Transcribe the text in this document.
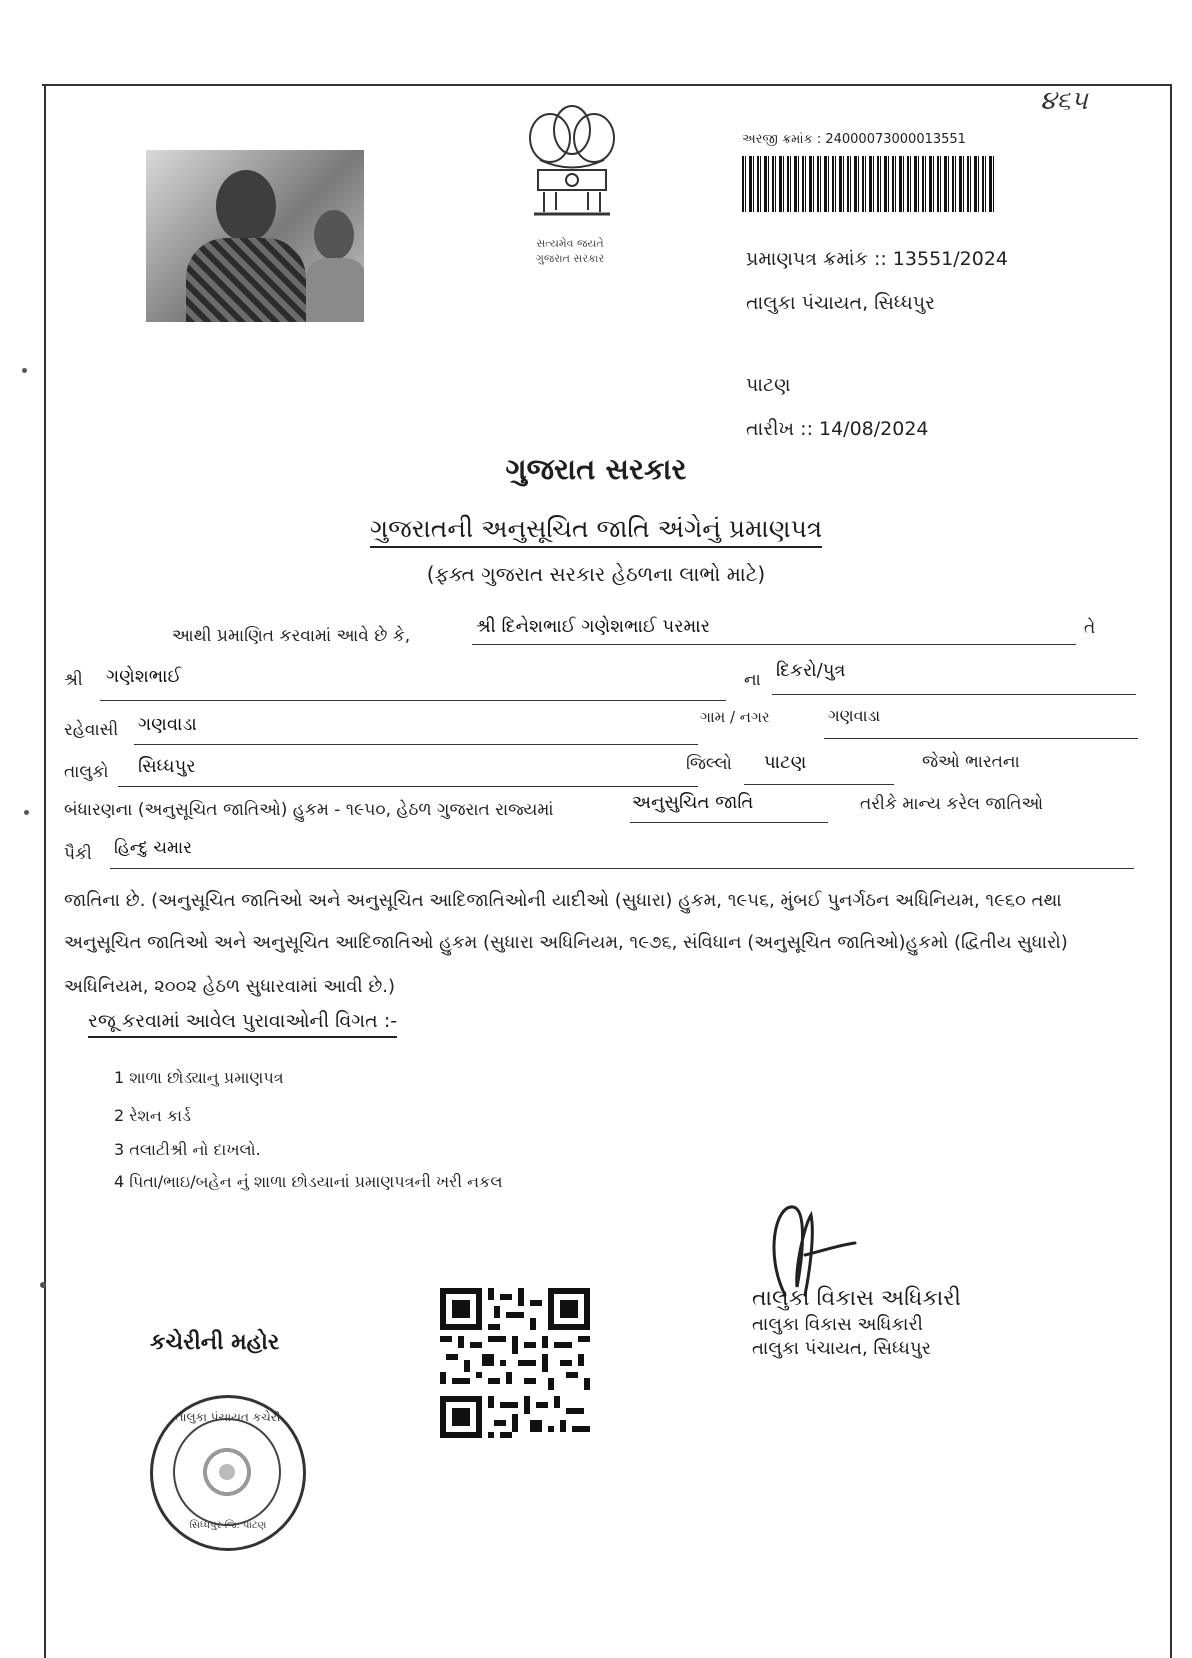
સત્યમેવ જયતે
ગુજરાત સરકાર
૪૬૫
અરજી ક્રમાંક : 24000073000013551
પ્રમાણપત્ર ક્રમાંક :: 13551/2024
તાલુકા પંચાયત, સિધ્ધપુર
પાટણ
તારીખ :: 14/08/2024
ગુજરાત સરકાર
ગુજરાતની અનુસૂચિત જાતિ અંગેનું પ્રમાણપત્ર
(ફક્ત ગુજરાત સરકાર હેઠળના લાભો માટે)
આથી પ્રમાણિત કરવામાં આવે છે કે,	શ્રી દિનેશભાઈ ગણેશભાઈ પરમાર	તે
શ્રી	ગણેશભાઈ	ના દિકરો/પુત્ર
રહેવાસી ગણવાડા	ગામ / નગર	ગણવાડા
તાલુકો	સિધ્ધપુર	જિલ્લો	પાટણ	જેઓ ભારતના
બંધારણના (અનુસૂચિત જાતિઓ) હુકમ - ૧૯૫૦, હેઠળ ગુજરાત રાજ્યમાં	અનુસુચિત જાતિ	તરીકે માન્ય કરેલ જાતિઓ
પૈકી હિન્દુ ચમાર
જાતિના છે. (અનુસૂચિત જાતિઓ અને અનુસૂચિત આદિજાતિઓની યાદીઓ (સુધારા) હુકમ, ૧૯૫૬, મુંબઈ પુનર્ગઠન અધિનિયમ, ૧૯૬૦ તથા
અનુસૂચિત જાતિઓ અને અનુસૂચિત આદિજાતિઓ હુકમ (સુધારા અધિનિયમ, ૧૯૭૬, સંવિધાન (અનુસૂચિત જાતિઓ)હુકમો (દ્વિતીય સુધારો)
અધિનિયમ, ૨૦૦૨ હેઠળ સુધારવામાં આવી છે.)
રજૂ કરવામાં આવેલ પુરાવાઓની વિગત :-
1 શાળા છોડ્યાનુ પ્રમાણપત્ર
2 રેશન કાર્ડ
3 તલાટીશ્રી નો દાખલો.
4 પિતા/ભાઇ/બહેન નું શાળા છોડયાનાં પ્રમાણપત્રની ખરી નકલ
કચેરીની મહોર
તાલુકા પંચાયત કચેરી
સિધ્ધપુર જિ. પાટણ
તાલુકા વિકાસ અધિકારી
તાલુકા વિકાસ અધિકારી
તાલુકા પંચાયત, સિધ્ધપુર
